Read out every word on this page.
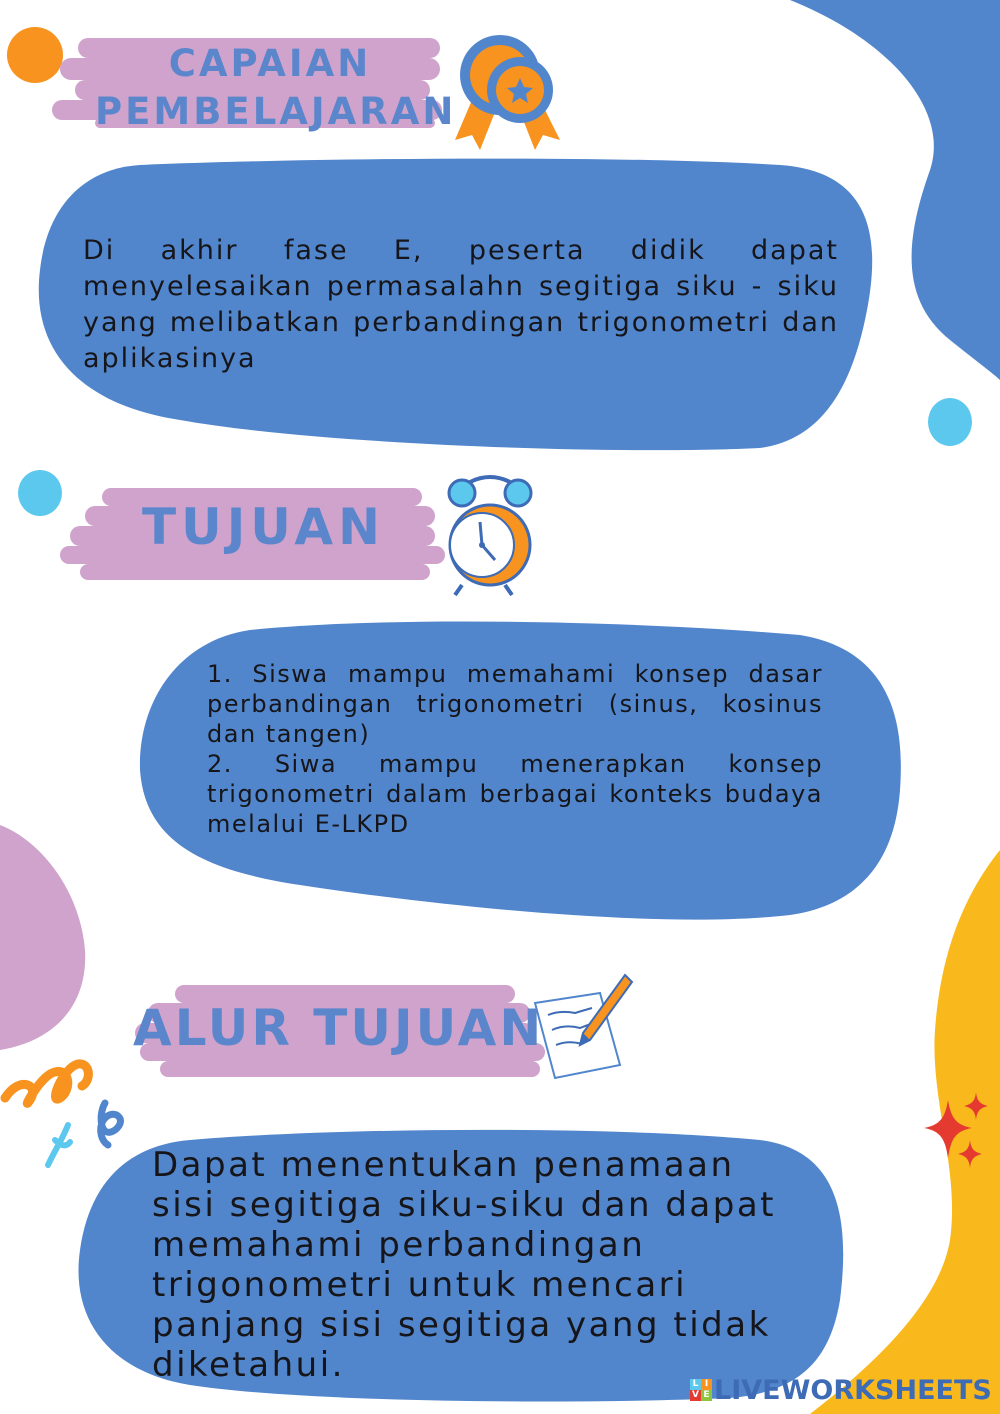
CAPAIAN
PEMBELAJARAN

Di akhir fase E, peserta didik dapat menyelesaikan permasalahn segitiga siku - siku yang melibatkan perbandingan trigonometri dan aplikasinya

TUJUAN

1. Siswa mampu memahami konsep dasar perbandingan trigonometri (sinus, kosinus dan tangen)

2. Siwa mampu menerapkan konsep trigonometri dalam berbagai konteks budaya melalui E-LKPD

ALUR TUJUAN

Dapat menentukan penamaan sisi segitiga siku-siku dan dapat memahami perbandingan trigonometri untuk mencari panjang sisi segitiga yang tidak diketahui.	L I
V E LIVEWORKSHEETS
